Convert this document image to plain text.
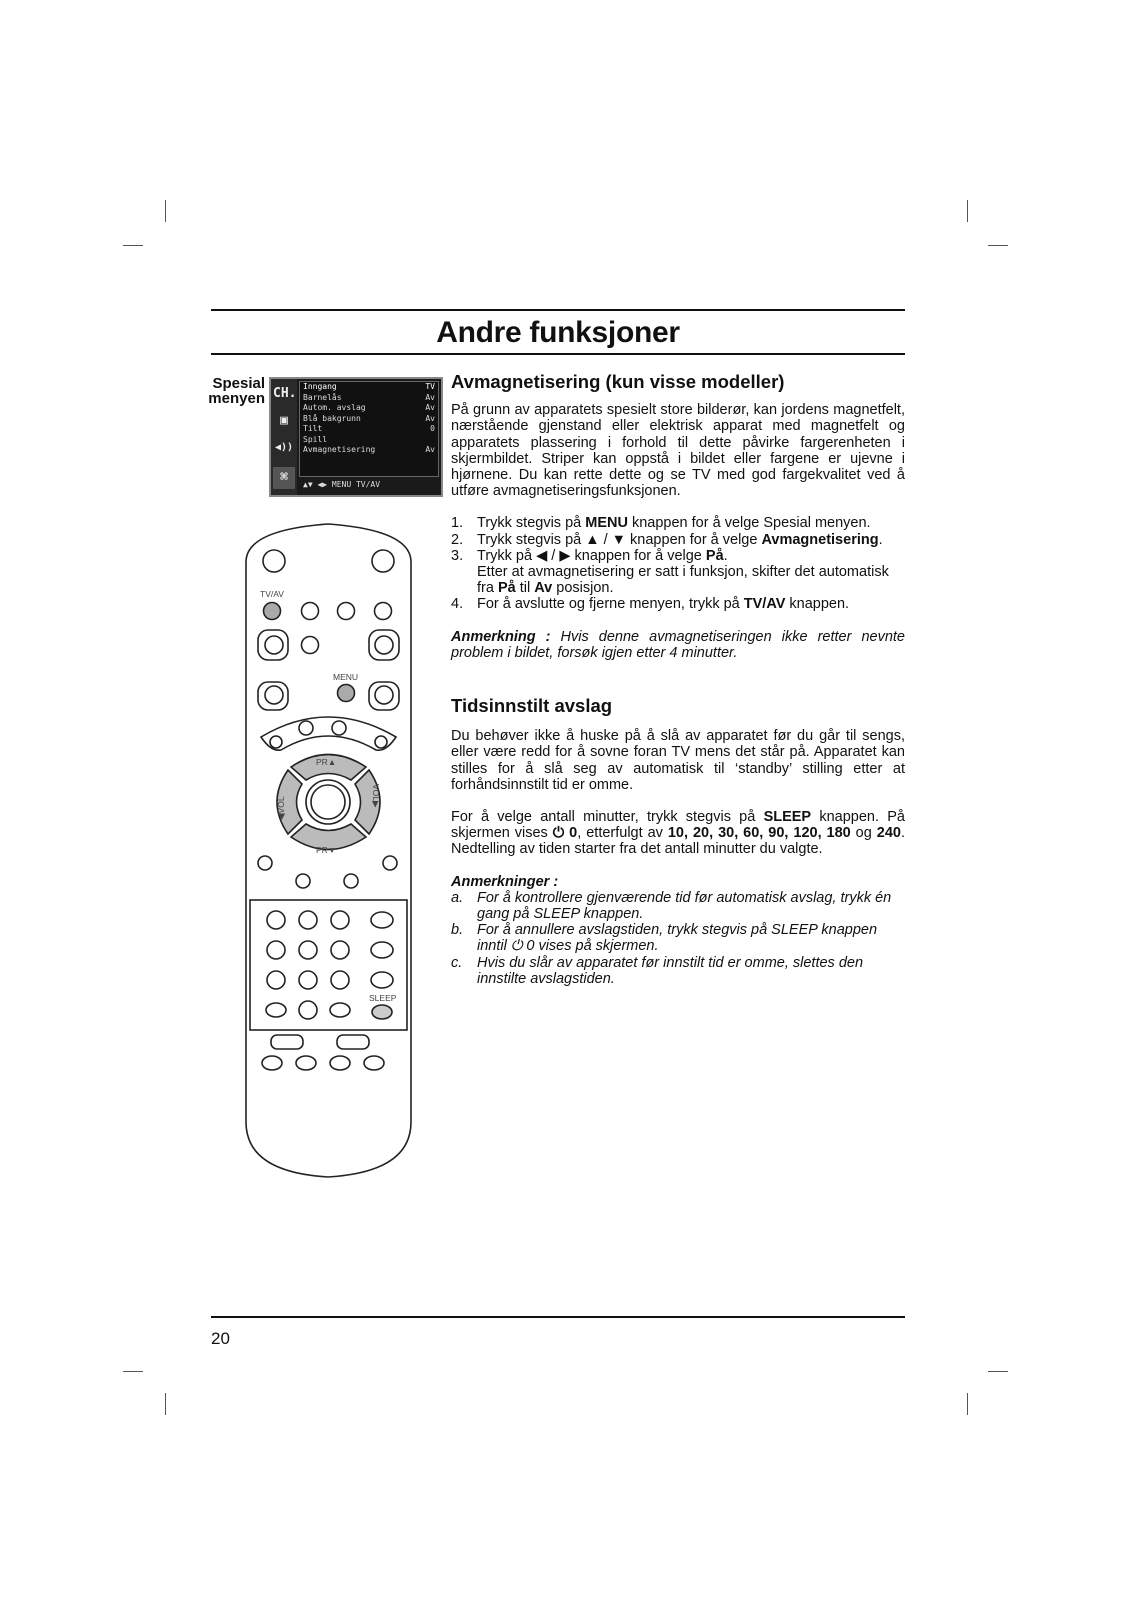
Andre funksjoner
Spesial
menyen CH.
▣
◀))
⌘
Inngang	TV
Barnelås	Av
Autom. avslag	Av
Blå bakgrunn	Av
Tilt	0
Spill
Avmagnetisering	Av
▲▼ ◀▶ MENU TV/AV
TV/AV
MENU
PR▲
PR▼
◀VOL
VOL▶
SLEEP
Avmagnetisering (kun visse modeller)

På grunn av apparatets spesielt store bilderør, kan jordens magnetfelt, nærstående gjenstand eller elektrisk apparat med magnetfelt og apparatets plassering i forhold til dette påvirke fargerenheten i skjermbildet. Striper kan oppstå i bildet eller fargene er ujevne i hjørnene. Du kan rette dette og se TV med god fargekvalitet ved å utføre avmagnetiseringsfunksjonen.

1. Trykk stegvis på MENU knappen for å velge Spesial menyen.
2. Trykk stegvis på ▲ / ▼ knappen for å velge Avmagnetisering.
3. Trykk på ◀ / ▶ knappen for å velge På.
Etter at avmagnetisering er satt i funksjon, skifter det automatisk fra På til Av posisjon.
4. For å avslutte og fjerne menyen, trykk på TV/AV knappen.

Anmerkning : Hvis denne avmagnetiseringen ikke retter nevnte problem i bildet, forsøk igjen etter 4 minutter.

Tidsinnstilt avslag

Du behøver ikke å huske på å slå av apparatet før du går til sengs, eller være redd for å sovne foran TV mens det står på. Apparatet kan stilles for å slå seg av automatisk til ‘standby’ stilling etter at forhåndsinnstilt tid er omme.

For å velge antall minutter, trykk stegvis på SLEEP knappen. På skjermen vises ⏻ 0, etterfulgt av 10, 20, 30, 60, 90, 120, 180 og 240. Nedtelling av tiden starter fra det antall minutter du valgte.

Anmerkninger :

a. For å kontrollere gjenværende tid før automatisk avslag, trykk én gang på SLEEP knappen.
b. For å annullere avslagstiden, trykk stegvis på SLEEP knappen inntil ⏻ 0 vises på skjermen.
c.	Hvis du slår av apparatet før innstilt tid er omme, slettes den innstilte avslagstiden.
20
